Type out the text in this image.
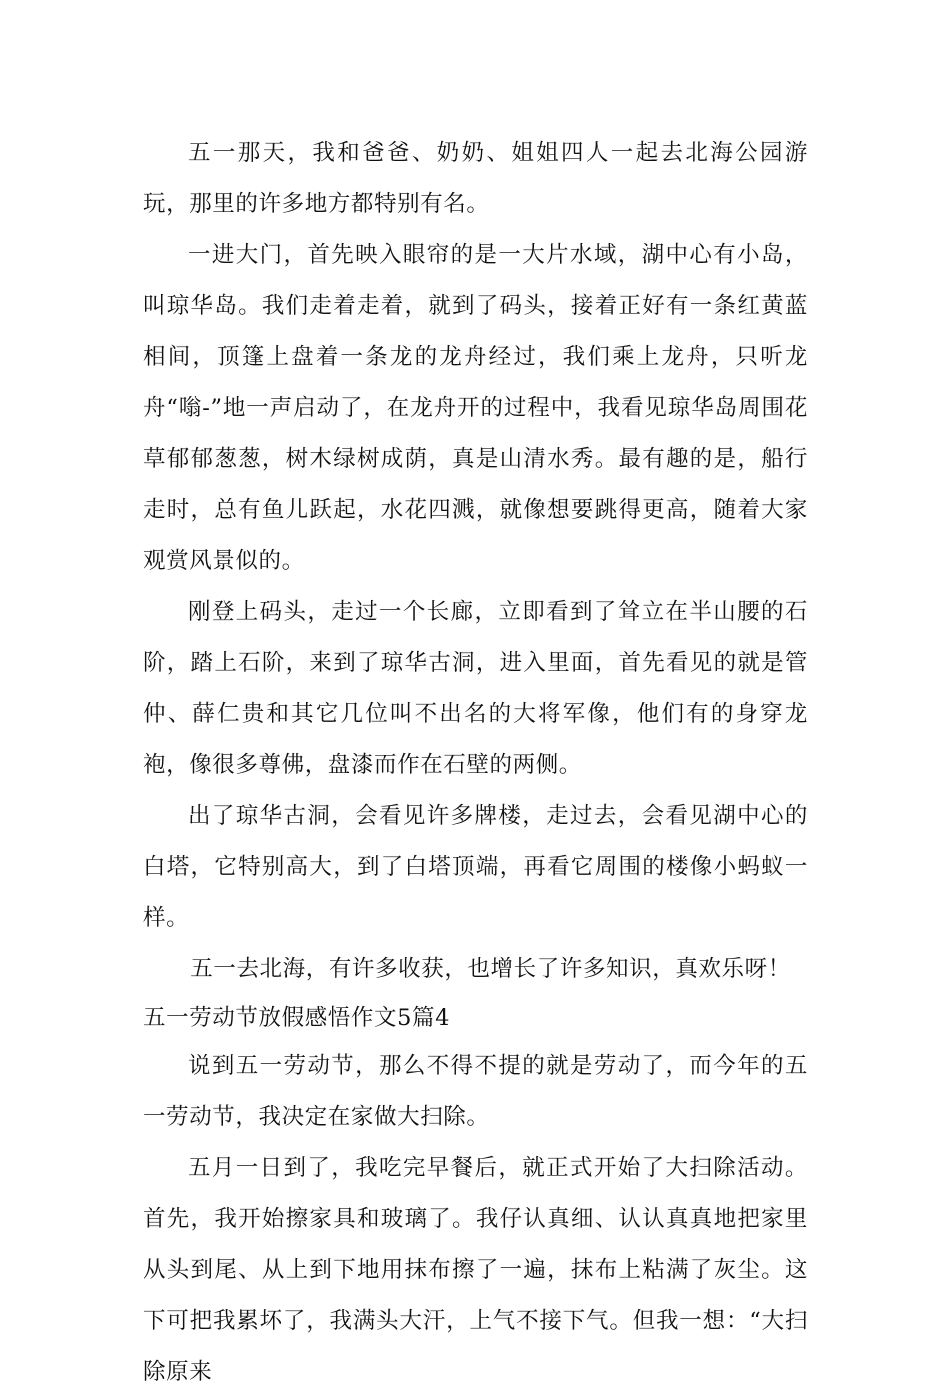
五一那天，我和爸爸、奶奶、姐姐四人一起去北海公园游玩，那里的许多地方都特别有名。

一进大门，首先映入眼帘的是一大片水域，湖中心有小岛，叫琼华岛。我们走着走着，就到了码头，接着正好有一条红黄蓝相间，顶篷上盘着一条龙的龙舟经过，我们乘上龙舟，只听龙舟“嗡-”地一声启动了，在龙舟开的过程中，我看见琼华岛周围花草郁郁葱葱，树木绿树成荫，真是山清水秀。最有趣的是，船行走时，总有鱼儿跃起，水花四溅，就像想要跳得更高，随着大家观赏风景似的。

刚登上码头，走过一个长廊，立即看到了耸立在半山腰的石阶，踏上石阶，来到了琼华古洞，进入里面，首先看见的就是管仲、薛仁贵和其它几位叫不出名的大将军像，他们有的身穿龙袍，像很多尊佛，盘漆而作在石壁的两侧。

出了琼华古洞，会看见许多牌楼，走过去，会看见湖中心的白塔，它特别高大，到了白塔顶端，再看它周围的楼像小蚂蚁一样。

五一去北海，有许多收获，也增长了许多知识，真欢乐呀！

五一劳动节放假感悟作文5篇4

说到五一劳动节，那么不得不提的就是劳动了，而今年的五一劳动节，我决定在家做大扫除。

五月一日到了，我吃完早餐后，就正式开始了大扫除活动。首先，我开始擦家具和玻璃了。我仔认真细、认认真真地把家里从头到尾、从上到下地用抹布擦了一遍，抹布上粘满了灰尘。这下可把我累坏了，我满头大汗，上气不接下气。但我一想：“大扫除原来
